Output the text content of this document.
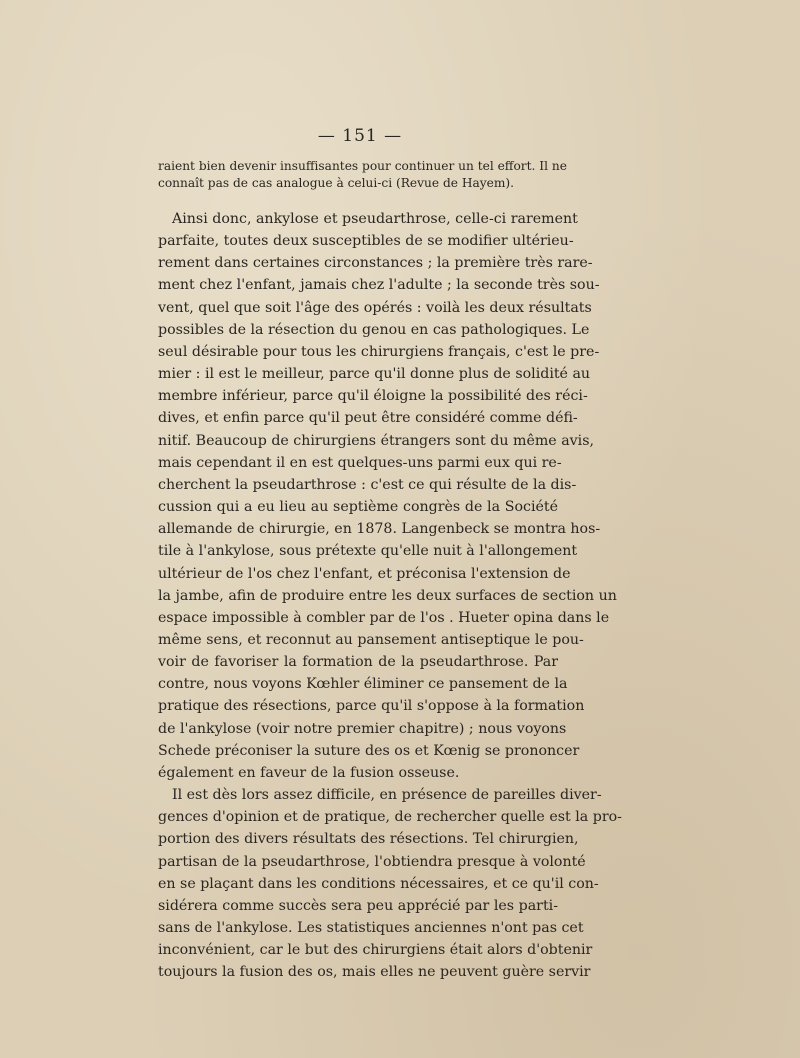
— 151 —
raient bien devenir insuffisantes pour continuer un tel effort. Il ne
connaît pas de cas analogue à celui-ci (Revue de Hayem).
Ainsi donc, ankylose et pseudarthrose, celle-ci rarement
parfaite, toutes deux susceptibles de se modifier ultérieu-
rement dans certaines circonstances ; la première très rare-
ment chez l'enfant, jamais chez l'adulte ; la seconde très sou-
vent, quel que soit l'âge des opérés : voilà les deux résultats
possibles de la résection du genou en cas pathologiques. Le
seul désirable pour tous les chirurgiens français, c'est le pre-
mier : il est le meilleur, parce qu'il donne plus de solidité au
membre inférieur, parce qu'il éloigne la possibilité des réci-
dives, et enfin parce qu'il peut être considéré comme défi-
nitif. Beaucoup de chirurgiens étrangers sont du même avis,
mais cependant il en est quelques-uns parmi eux qui re-
cherchent la pseudarthrose : c'est ce qui résulte de la dis-
cussion qui a eu lieu au septième congrès de la Société
allemande de chirurgie, en 1878. Langenbeck se montra hos-
tile à l'ankylose, sous prétexte qu'elle nuit à l'allongement
ultérieur de l'os chez l'enfant, et préconisa l'extension de
la jambe, afin de produire entre les deux surfaces de section un
espace impossible à combler par de l'os . Hueter opina dans le
même sens, et reconnut au pansement antiseptique le pou-
voir de favoriser la formation de la pseudarthrose. Par
contre, nous voyons Kœhler éliminer ce pansement de la
pratique des résections, parce qu'il s'oppose à la formation
de l'ankylose (voir notre premier chapitre) ; nous voyons
Schede préconiser la suture des os et Kœnig se prononcer
également en faveur de la fusion osseuse.
Il est dès lors assez difficile, en présence de pareilles diver-
gences d'opinion et de pratique, de rechercher quelle est la pro-
portion des divers résultats des résections. Tel chirurgien,
partisan de la pseudarthrose, l'obtiendra presque à volonté
en se plaçant dans les conditions nécessaires, et ce qu'il con-
sidérera comme succès sera peu apprécié par les parti-
sans de l'ankylose. Les statistiques anciennes n'ont pas cet
inconvénient, car le but des chirurgiens était alors d'obtenir
toujours la fusion des os, mais elles ne peuvent guère servir
